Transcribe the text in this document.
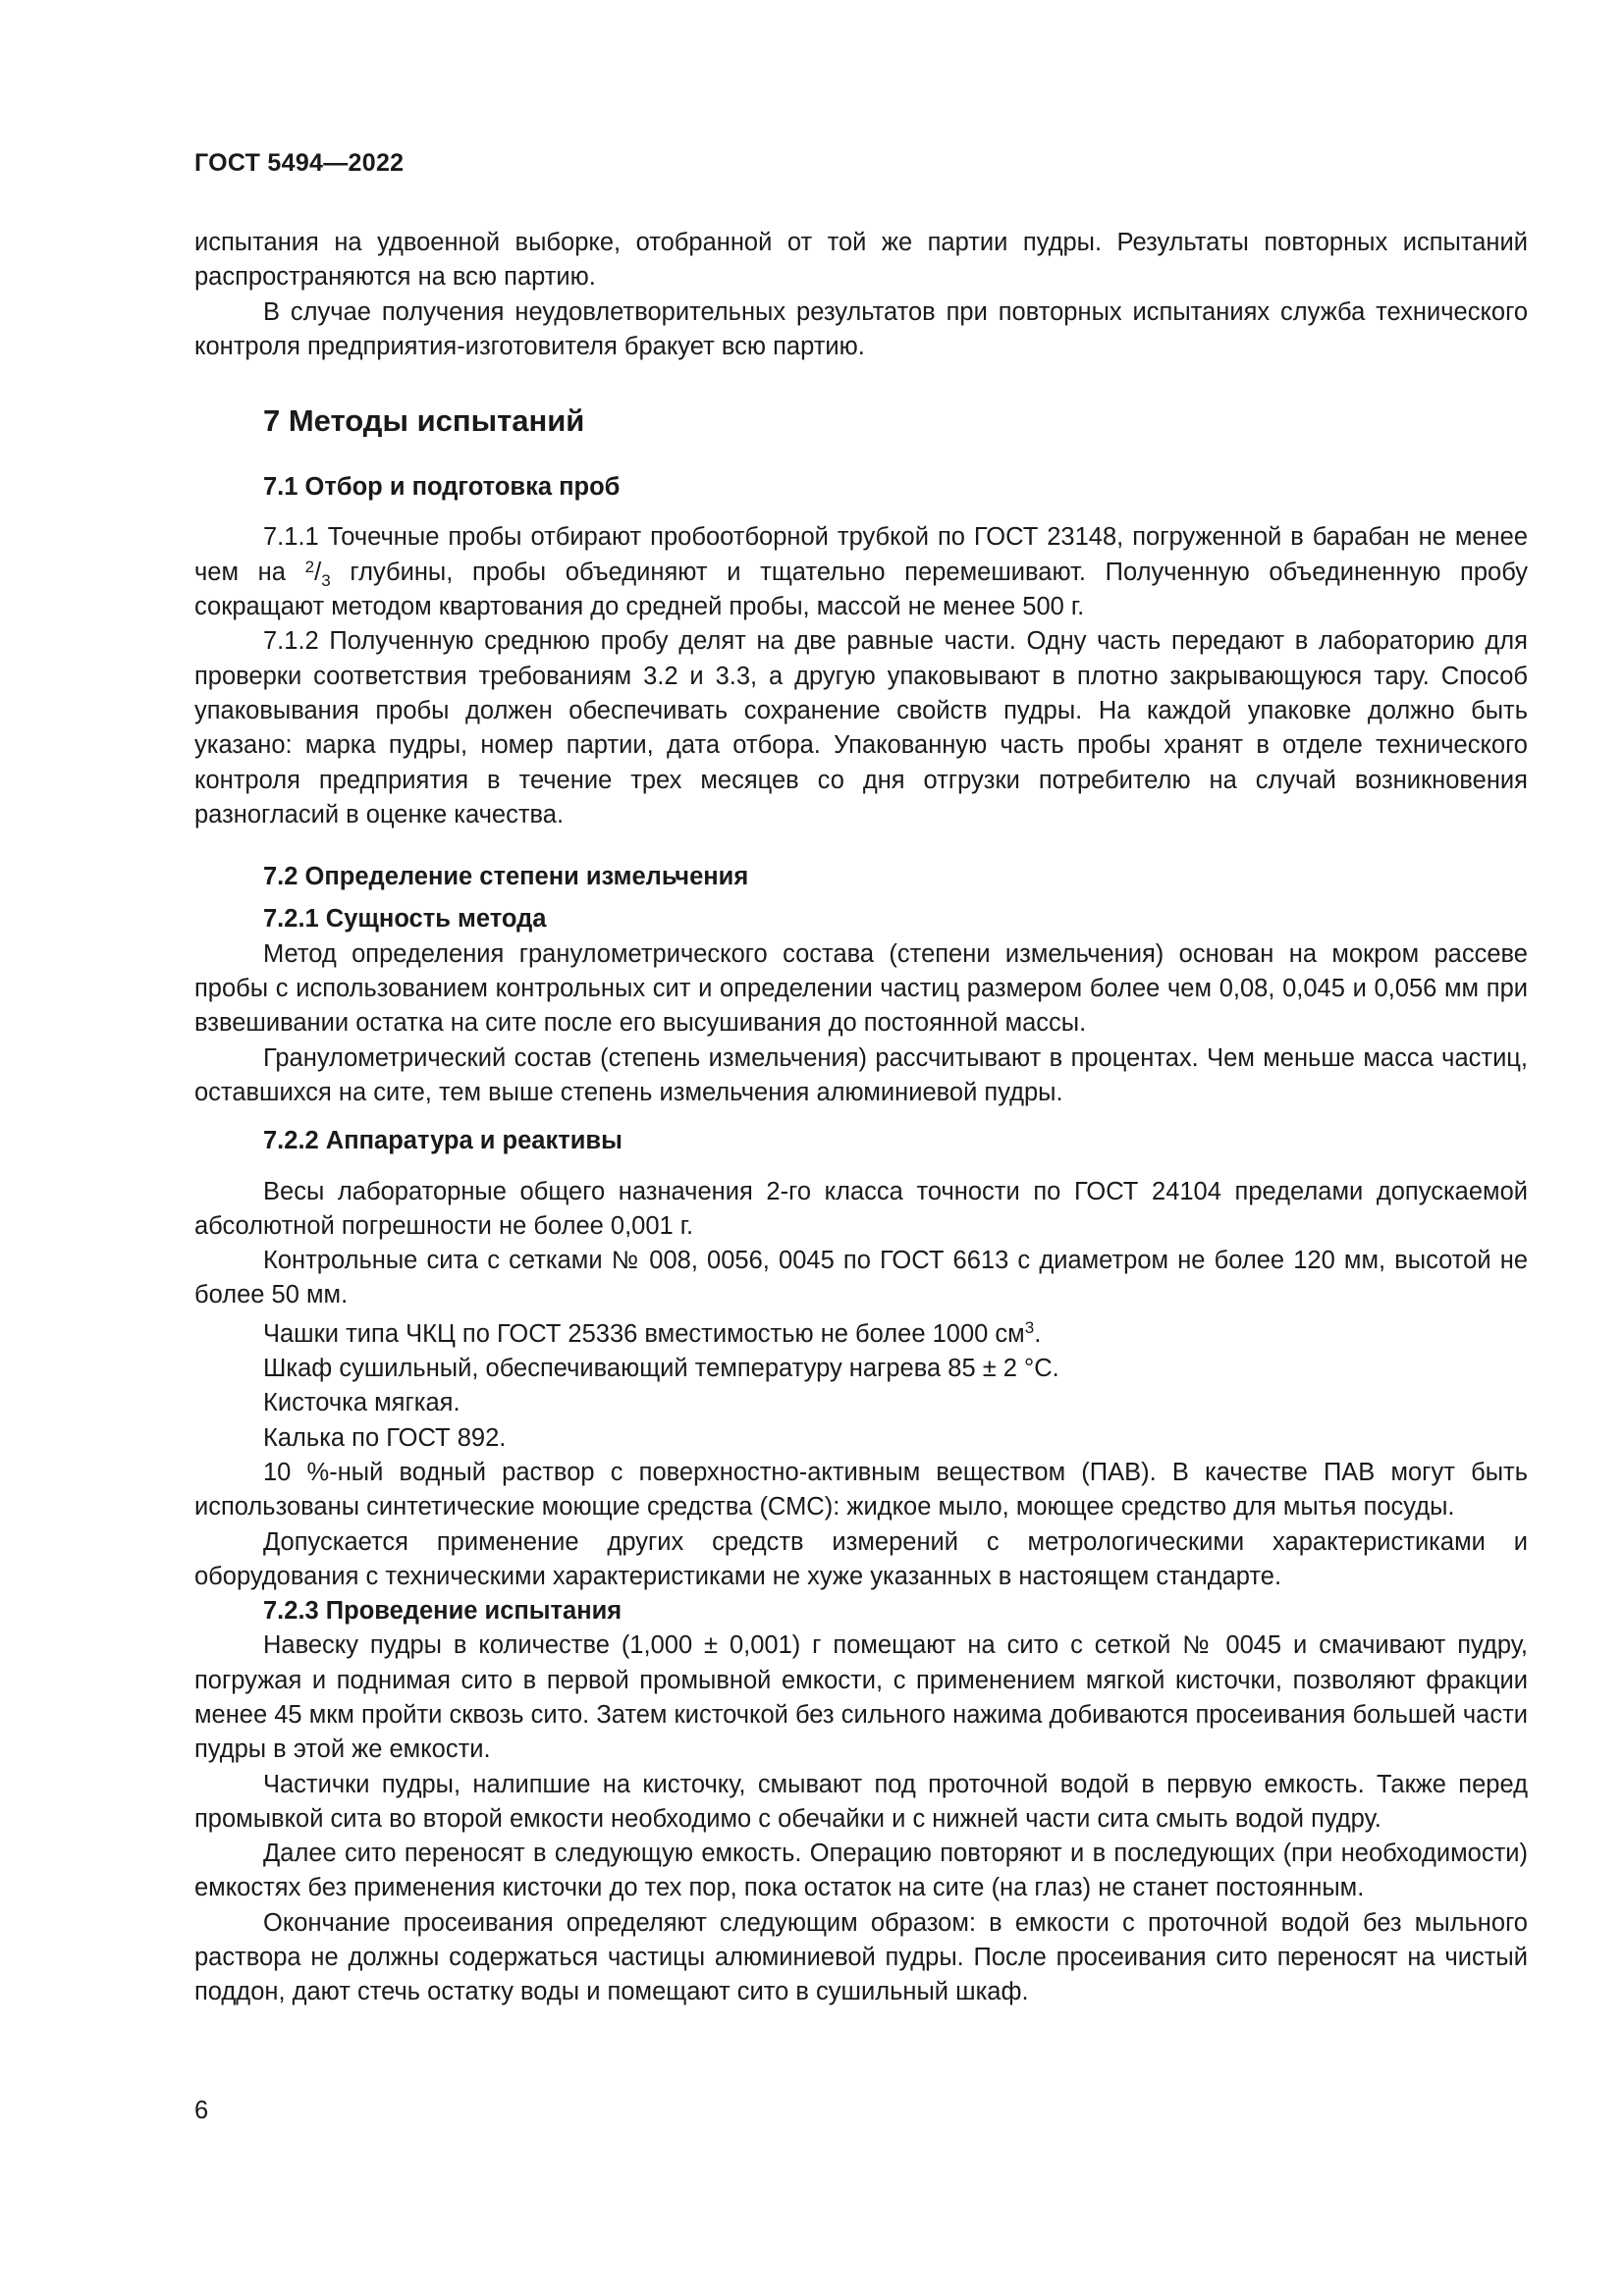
ГОСТ 5494—2022

испытания на удвоенной выборке, отобранной от той же партии пудры. Результаты повторных испытаний распространяются на всю партию.

В случае получения неудовлетворительных результатов при повторных испытаниях служба технического контроля предприятия-изготовителя бракует всю партию.

7 Методы испытаний
7.1 Отбор и подготовка проб

7.1.1 Точечные пробы отбирают пробоотборной трубкой по ГОСТ 23148, погруженной в барабан не менее чем на $^2/_3$ глубины, пробы объединяют и тщательно перемешивают. Полученную объединенную пробу сокращают методом квартования до средней пробы, массой не менее 500 г.

7.1.2 Полученную среднюю пробу делят на две равные части. Одну часть передают в лабораторию для проверки соответствия требованиям 3.2 и 3.3, а другую упаковывают в плотно закрывающуюся тару. Способ упаковывания пробы должен обеспечивать сохранение свойств пудры. На каждой упаковке должно быть указано: марка пудры, номер партии, дата отбора. Упакованную часть пробы хранят в отделе технического контроля предприятия в течение трех месяцев со дня отгрузки потребителю на случай возникновения разногласий в оценке качества.

7.2 Определение степени измельчения
7.2.1 Сущность метода

Метод определения гранулометрического состава (степени измельчения) основан на мокром рассеве пробы с использованием контрольных сит и определении частиц размером более чем 0,08, 0,045 и 0,056 мм при взвешивании остатка на сите после его высушивания до постоянной массы.

Гранулометрический состав (степень измельчения) рассчитывают в процентах. Чем меньше масса частиц, оставшихся на сите, тем выше степень измельчения алюминиевой пудры.

7.2.2 Аппаратура и реактивы

Весы лабораторные общего назначения 2-го класса точности по ГОСТ 24104 пределами допускаемой абсолютной погрешности не более 0,001 г.

Контрольные сита с сетками № 008, 0056, 0045 по ГОСТ 6613 с диаметром не более 120 мм, высотой не более 50 мм.

Чашки типа ЧКЦ по ГОСТ 25336 вместимостью не более 1000 $см^3$.

Шкаф сушильный, обеспечивающий температуру нагрева 85 ± 2 °С.

Кисточка мягкая.

Калька по ГОСТ 892.

10 %-ный водный раствор с поверхностно-активным веществом (ПАВ). В качестве ПАВ могут быть использованы синтетические моющие средства (СМС): жидкое мыло, моющее средство для мытья посуды.

Допускается применение других средств измерений с метрологическими характеристиками и оборудования с техническими характеристиками не хуже указанных в настоящем стандарте.

7.2.3 Проведение испытания

Навеску пудры в количестве (1,000 ± 0,001) г помещают на сито с сеткой № 0045 и смачивают пудру, погружая и поднимая сито в первой промывной емкости, с применением мягкой кисточки, позволяют фракции менее 45 мкм пройти сквозь сито. Затем кисточкой без сильного нажима добиваются просеивания большей части пудры в этой же емкости.

Частички пудры, налипшие на кисточку, смывают под проточной водой в первую емкость. Также перед промывкой сита во второй емкости необходимо с обечайки и с нижней части сита смыть водой пудру.

Далее сито переносят в следующую емкость. Операцию повторяют и в последующих (при необходимости) емкостях без применения кисточки до тех пор, пока остаток на сите (на глаз) не станет постоянным.

Окончание просеивания определяют следующим образом: в емкости с проточной водой без мыльного раствора не должны содержаться частицы алюминиевой пудры. После просеивания сито переносят на чистый поддон, дают стечь остатку воды и помещают сито в сушильный шкаф.

6
